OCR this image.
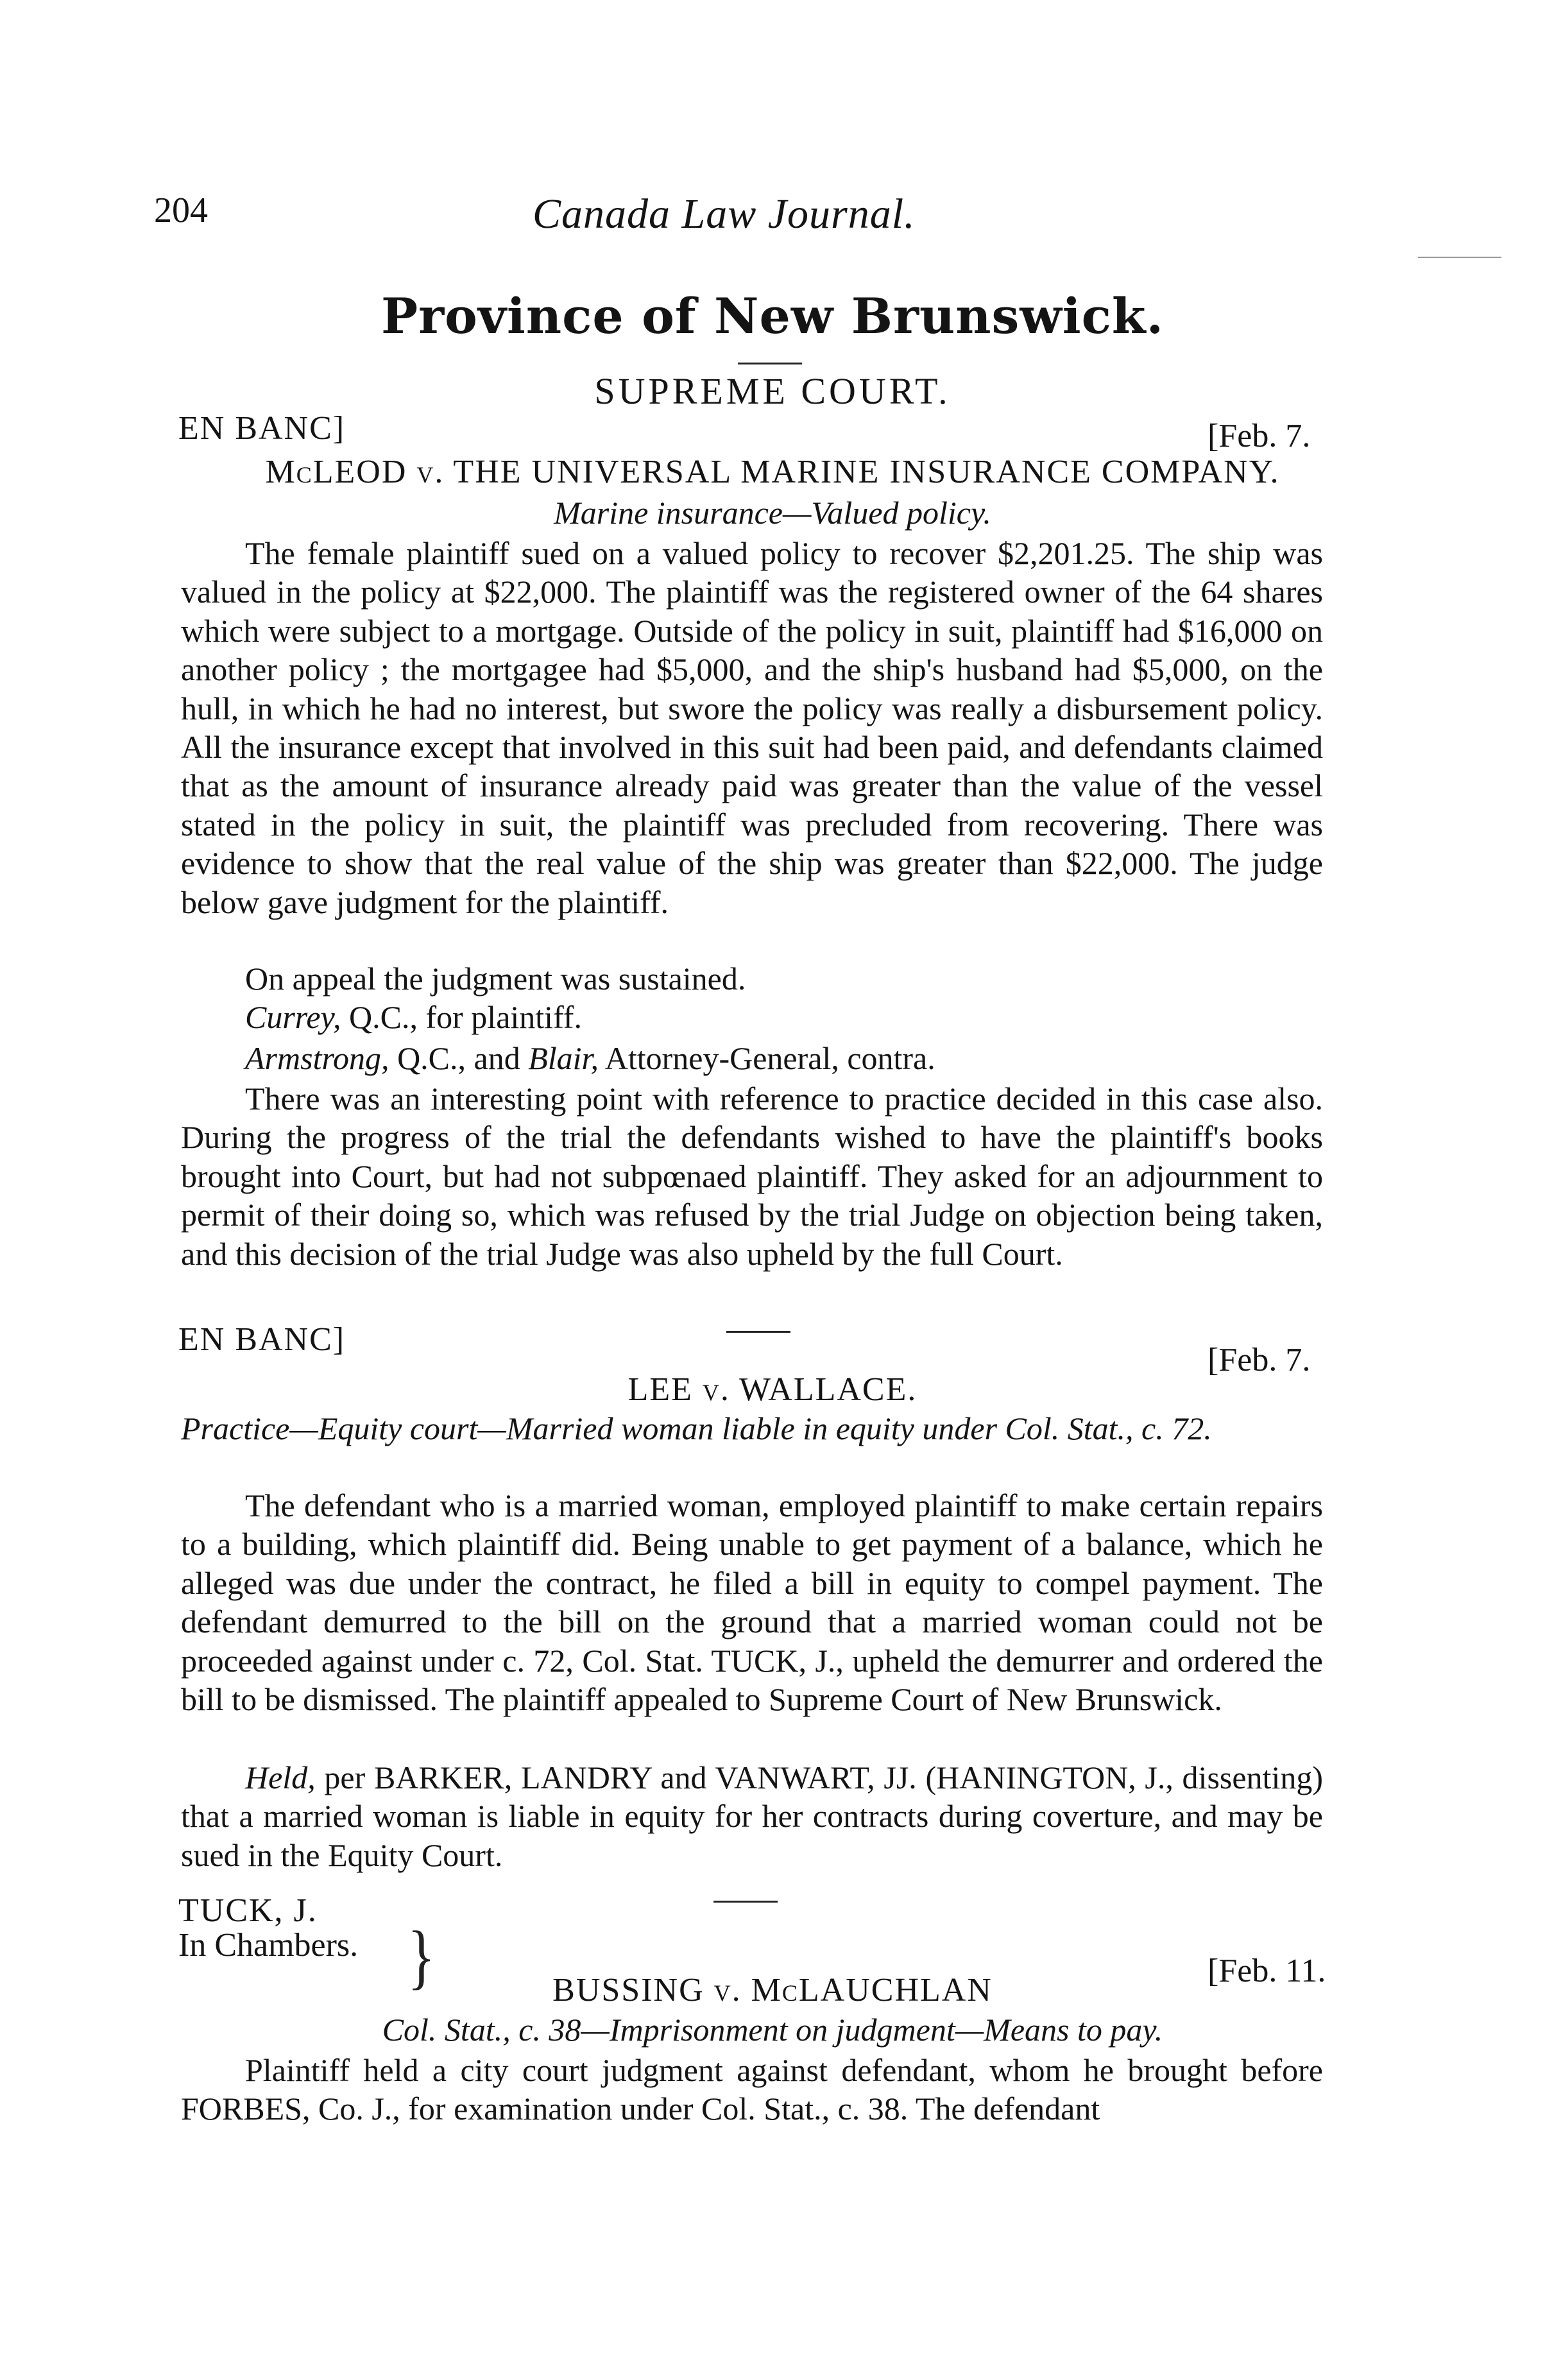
204	Canada Law Journal.
Province of New Brunswick.
SUPREME COURT.
EN BANC]	[Feb. 7.
McLEOD v. THE UNIVERSAL MARINE INSURANCE COMPANY.
Marine insurance—Valued policy.
The female plaintiff sued on a valued policy to recover $2,201.25. The ship was valued in the policy at $22,000. The plaintiff was the registered owner of the 64 shares which were subject to a mortgage. Outside of the policy in suit, plaintiff had $16,000 on another policy ; the mortgagee had $5,000, and the ship's husband had $5,000, on the hull, in which he had no interest, but swore the policy was really a disbursement policy. All the insurance except that involved in this suit had been paid, and defendants claimed that as the amount of insurance already paid was greater than the value of the vessel stated in the policy in suit, the plaintiff was precluded from recovering. There was evidence to show that the real value of the ship was greater than $22,000. The judge below gave judgment for the plaintiff.
On appeal the judgment was sustained.
Currey, Q.C., for plaintiff.
Armstrong, Q.C., and Blair, Attorney-General, contra.
There was an interesting point with reference to practice decided in this case also. During the progress of the trial the defendants wished to have the plaintiff's books brought into Court, but had not subpœnaed plaintiff. They asked for an adjournment to permit of their doing so, which was refused by the trial Judge on objection being taken, and this decision of the trial Judge was also upheld by the full Court.
EN BANC]
[Feb. 7.
LEE v. WALLACE.
Practice—Equity court—Married woman liable in equity under Col. Stat., c. 72.
The defendant who is a married woman, employed plaintiff to make certain repairs to a building, which plaintiff did. Being unable to get payment of a balance, which he alleged was due under the contract, he filed a bill in equity to compel payment. The defendant demurred to the bill on the ground that a married woman could not be proceeded against under c. 72, Col. Stat. TUCK, J., upheld the demurrer and ordered the bill to be dismissed. The plaintiff appealed to Supreme Court of New Brunswick.
Held, per BARKER, LANDRY and VANWART, JJ. (HANINGTON, J., dissenting) that a married woman is liable in equity for her contracts during coverture, and may be sued in the Equity Court.
TUCK, J.
In Chambers. }	[Feb. 11.
BUSSING v. McLAUCHLAN
Col. Stat., c. 38—Imprisonment on judgment—Means to pay.
Plaintiff held a city court judgment against defendant, whom he brought before FORBES, Co. J., for examination under Col. Stat., c. 38. The defendant
